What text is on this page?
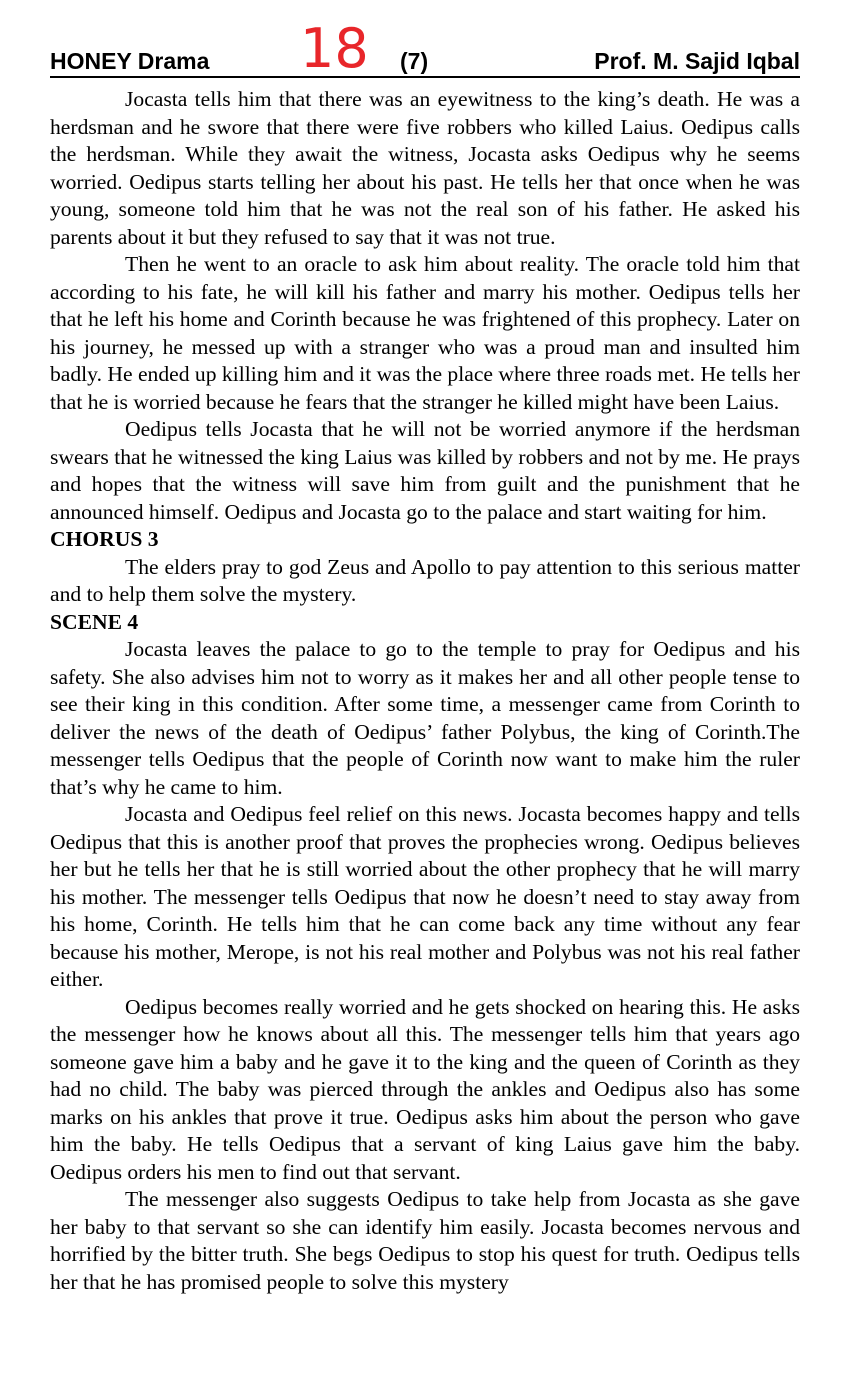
HONEY Drama 18 (7)	Prof. M. Sajid Iqbal

Jocasta tells him that there was an eyewitness to the king’s death. He was a herdsman and he swore that there were five robbers who killed Laius. Oedipus calls the herdsman. While they await the witness, Jocasta asks Oedipus why he seems worried. Oedipus starts telling her about his past. He tells her that once when he was young, someone told him that he was not the real son of his father. He asked his parents about it but they refused to say that it was not true.

Then he went to an oracle to ask him about reality. The oracle told him that according to his fate, he will kill his father and marry his mother. Oedipus tells her that he left his home and Corinth because he was frightened of this prophecy. Later on his journey, he messed up with a stranger who was a proud man and insulted him badly. He ended up killing him and it was the place where three roads met. He tells her that he is worried because he fears that the stranger he killed might have been Laius.

Oedipus tells Jocasta that he will not be worried anymore if the herdsman swears that he witnessed the king Laius was killed by robbers and not by me. He prays and hopes that the witness will save him from guilt and the punishment that he announced himself. Oedipus and Jocasta go to the palace and start waiting for him.

CHORUS 3

The elders pray to god Zeus and Apollo to pay attention to this serious matter and to help them solve the mystery.

SCENE 4

Jocasta leaves the palace to go to the temple to pray for Oedipus and his safety. She also advises him not to worry as it makes her and all other people tense to see their king in this condition. After some time, a messenger came from Corinth to deliver the news of the death of Oedipus’ father Polybus, the king of Corinth.The messenger tells Oedipus that the people of Corinth now want to make him the ruler that’s why he came to him.

Jocasta and Oedipus feel relief on this news. Jocasta becomes happy and tells Oedipus that this is another proof that proves the prophecies wrong. Oedipus believes her but he tells her that he is still worried about the other prophecy that he will marry his mother. The messenger tells Oedipus that now he doesn’t need to stay away from his home, Corinth. He tells him that he can come back any time without any fear because his mother, Merope, is not his real mother and Polybus was not his real father either.

Oedipus becomes really worried and he gets shocked on hearing this. He asks the messenger how he knows about all this. The messenger tells him that years ago someone gave him a baby and he gave it to the king and the queen of Corinth as they had no child. The baby was pierced through the ankles and Oedipus also has some marks on his ankles that prove it true. Oedipus asks him about the person who gave him the baby. He tells Oedipus that a servant of king Laius gave him the baby. Oedipus orders his men to find out that servant.

The messenger also suggests Oedipus to take help from Jocasta as she gave her baby to that servant so she can identify him easily. Jocasta becomes nervous and horrified by the bitter truth. She begs Oedipus to stop his quest for truth. Oedipus tells her that he has promised people to solve this mystery
